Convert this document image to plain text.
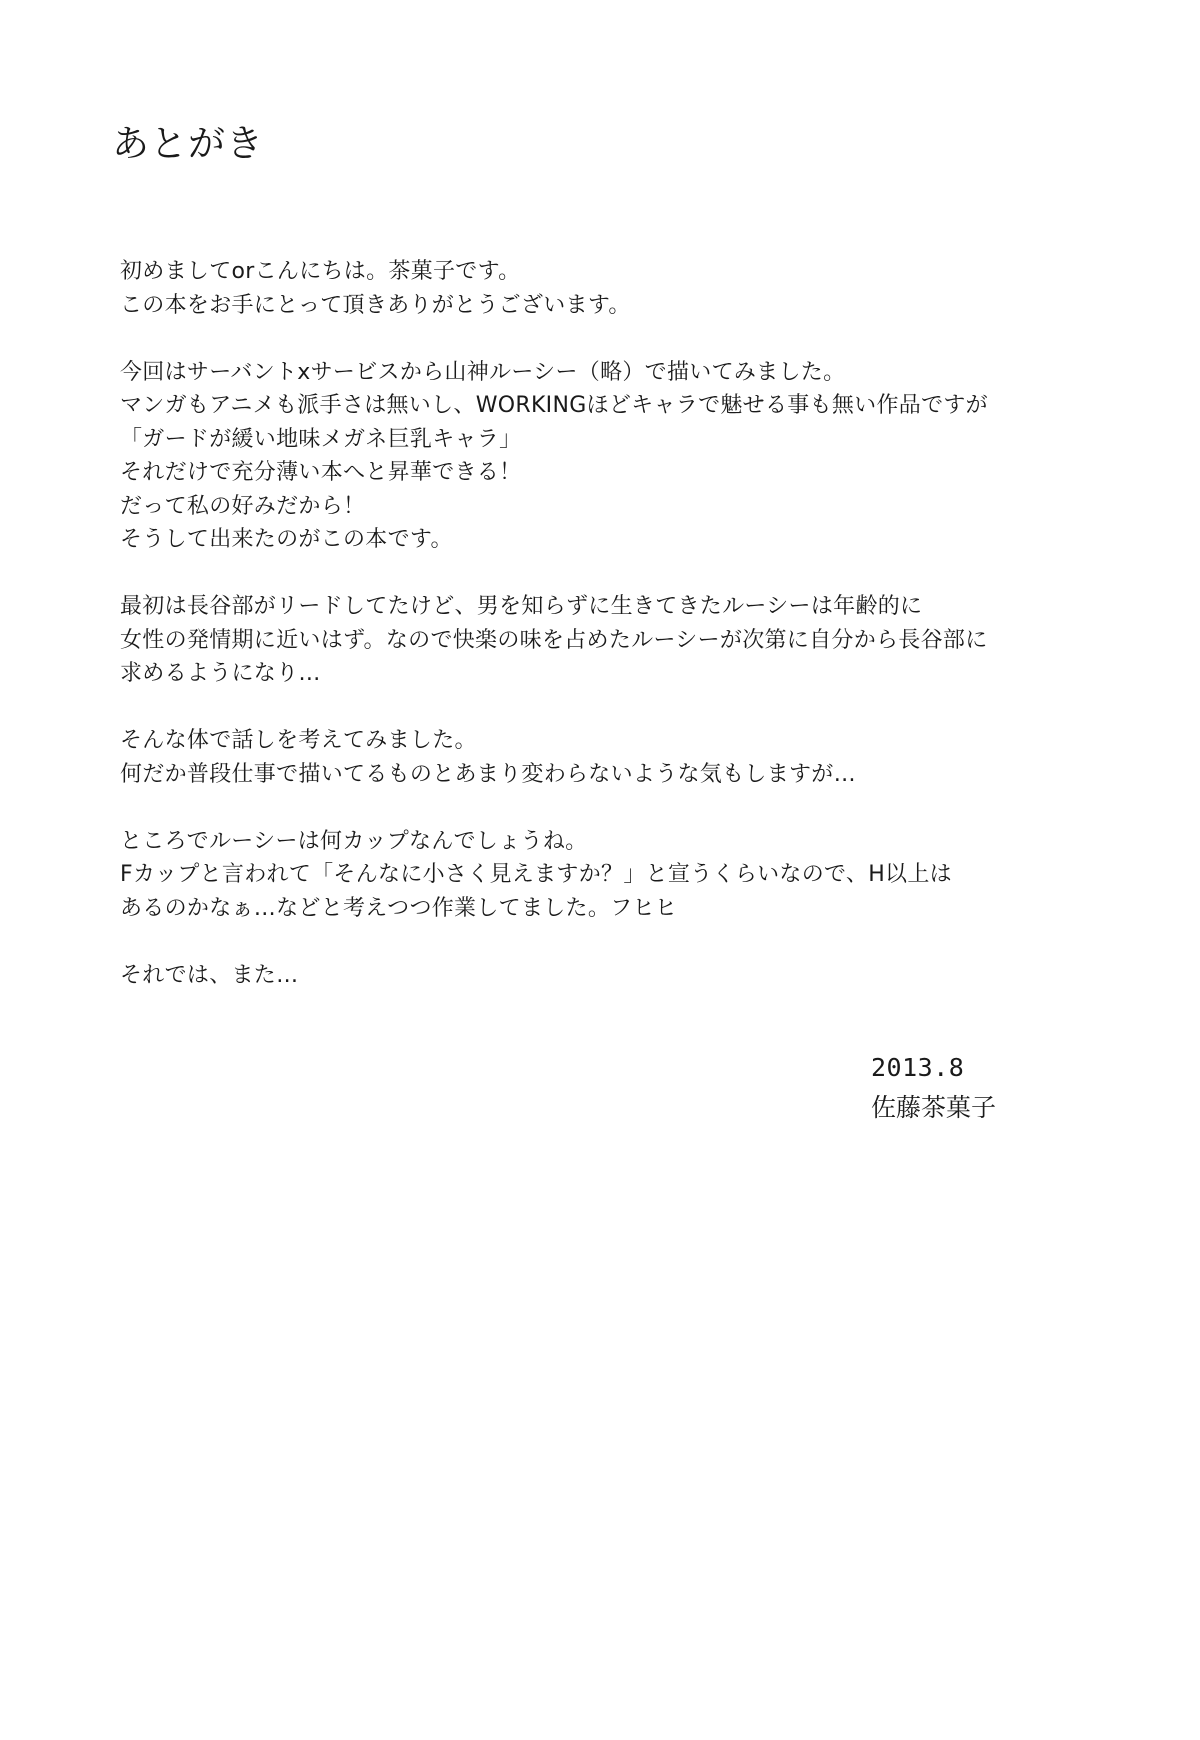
あとがき
初めましてorこんにちは。茶菓子です。
この本をお手にとって頂きありがとうございます。
今回はサーバントxサービスから山神ルーシー（略）で描いてみました。
マンガもアニメも派手さは無いし、WORKINGほどキャラで魅せる事も無い作品ですが
「ガードが緩い地味メガネ巨乳キャラ」
それだけで充分薄い本へと昇華できる！
だって私の好みだから！
そうして出来たのがこの本です。
最初は長谷部がリードしてたけど、男を知らずに生きてきたルーシーは年齢的に
女性の発情期に近いはず。なので快楽の味を占めたルーシーが次第に自分から長谷部に
求めるようになり…
そんな体で話しを考えてみました。
何だか普段仕事で描いてるものとあまり変わらないような気もしますが…
ところでルーシーは何カップなんでしょうね。
Fカップと言われて「そんなに小さく見えますか？」と宣うくらいなので、H以上は
あるのかなぁ…などと考えつつ作業してました。フヒヒ
それでは、また…
2013.8
佐藤茶菓子
